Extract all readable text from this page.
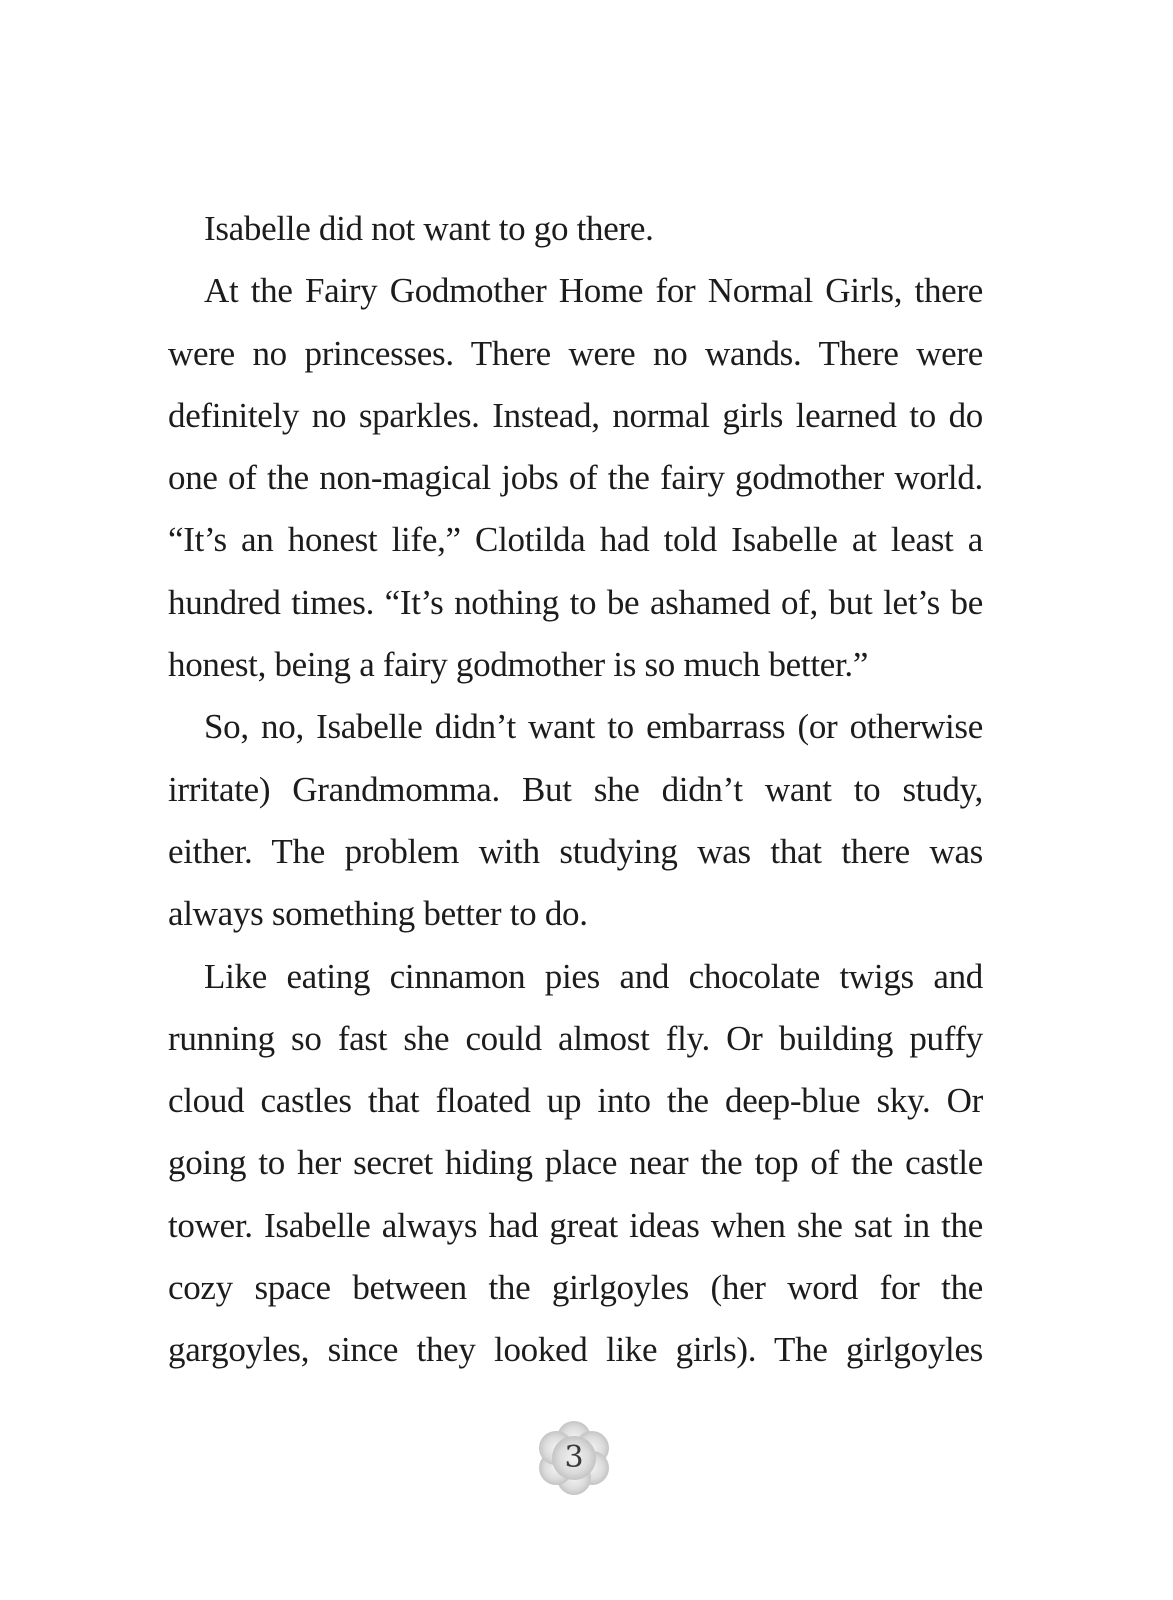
Isabelle did not want to go there.
At the Fairy Godmother Home for Normal Girls, there
were no princesses. There were no wands. There were
definitely no sparkles. Instead, normal girls learned to do
one of the non-magical jobs of the fairy godmother world.
“It’s an honest life,” Clotilda had told Isabelle at least a
hundred times. “It’s nothing to be ashamed of, but let’s be
honest, being a fairy godmother is so much better.”
So, no, Isabelle didn’t want to embarrass (or otherwise
irritate) Grandmomma. But she didn’t want to study,
either. The problem with studying was that there was
always something better to do.
Like eating cinnamon pies and chocolate twigs and
running so fast she could almost fly. Or building puffy
cloud castles that floated up into the deep-blue sky. Or
going to her secret hiding place near the top of the castle
tower. Isabelle always had great ideas when she sat in the
cozy space between the girlgoyles (her word for the
gargoyles, since they looked like girls). The girlgoyles
3
